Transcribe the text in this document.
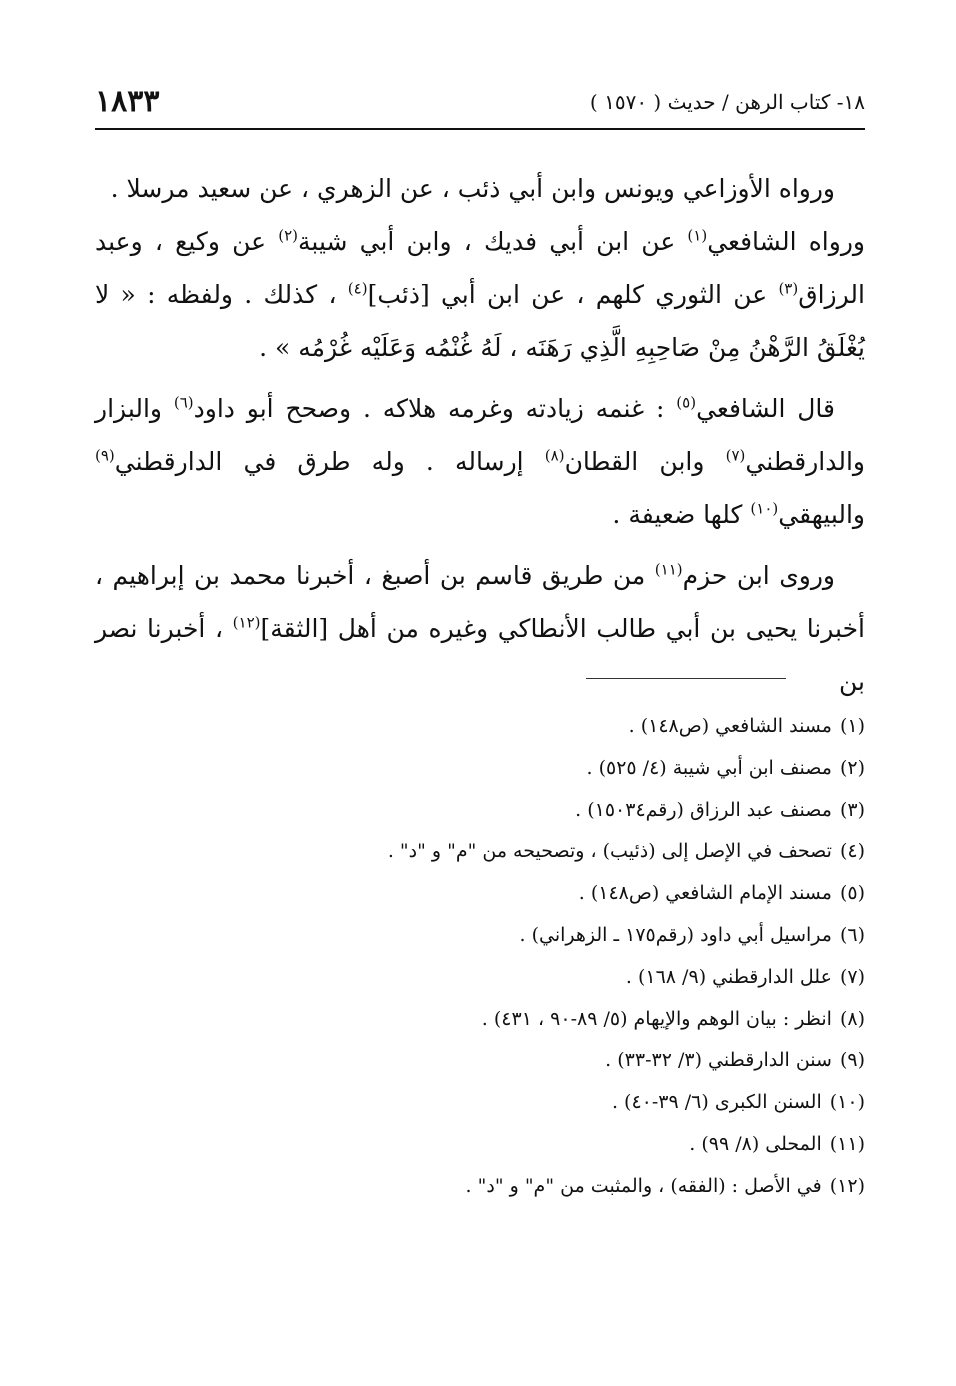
١٨٣٣	١٨- كتاب الرهن / حديث ( ١٥٧٠ )

ورواه الأوزاعي ويونس وابن أبي ذئب ، عن الزهري ، عن سعيد مرسلا .
ورواه الشافعي$^{(١)}$ عن ابن أبي فديك ، وابن أبي شيبة$^{(٢)}$ عن وكيع ، وعبد الرزاق$^{(٣)}$ عن الثوري كلهم ، عن ابن أبي [ذئب]$^{(٤)}$ ، كذلك . ولفظه : « لا يُغْلَقُ الرَّهْنُ مِنْ صَاحِبِهِ الَّذِي رَهَنَه ، لَهُ غُنْمُه وَعَلَيْه غُرْمُه » .

قال الشافعي$^{(٥)}$ : غنمه زيادته وغرمه هلاكه . وصحح أبو داود$^{(٦)}$ والبزار والدارقطني$^{(٧)}$ وابن القطان$^{(٨)}$ إرساله . وله طرق في الدارقطني$^{(٩)}$ والبيهقي$^{(١٠)}$ كلها ضعيفة .

وروى ابن حزم$^{(١١)}$ من طريق قاسم بن أصبغ ، أخبرنا محمد بن إبراهيم ، أخبرنا يحيى بن أبي طالب الأنطاكي وغيره من أهل [الثقة]$^{(١٢)}$ ، أخبرنا نصر بن

(١)مسند الشافعي (ص١٤٨) .
(٢)مصنف ابن أبي شيبة (٤/ ٥٢٥) .
(٣)مصنف عبد الرزاق (رقم١٥٠٣٤) .
(٤)تصحف في الإصل إلى (ذئيب) ، وتصحيحه من "م" و "د" .
(٥)مسند الإمام الشافعي (ص١٤٨) .
(٦)مراسيل أبي داود (رقم١٧٥ ـ الزهراني) .
(٧)علل الدارقطني (٩/ ١٦٨) .
(٨)انظر : بيان الوهم والإيهام (٥/ ٨٩-٩٠ ، ٤٣١) .
(٩)سنن الدارقطني (٣/ ٣٢-٣٣) .
(١٠)السنن الكبرى (٦/ ٣٩-٤٠) .
(١١)المحلى (٨/ ٩٩) .
(١٢)في الأصل : (الفقه) ، والمثبت من "م" و "د" .
